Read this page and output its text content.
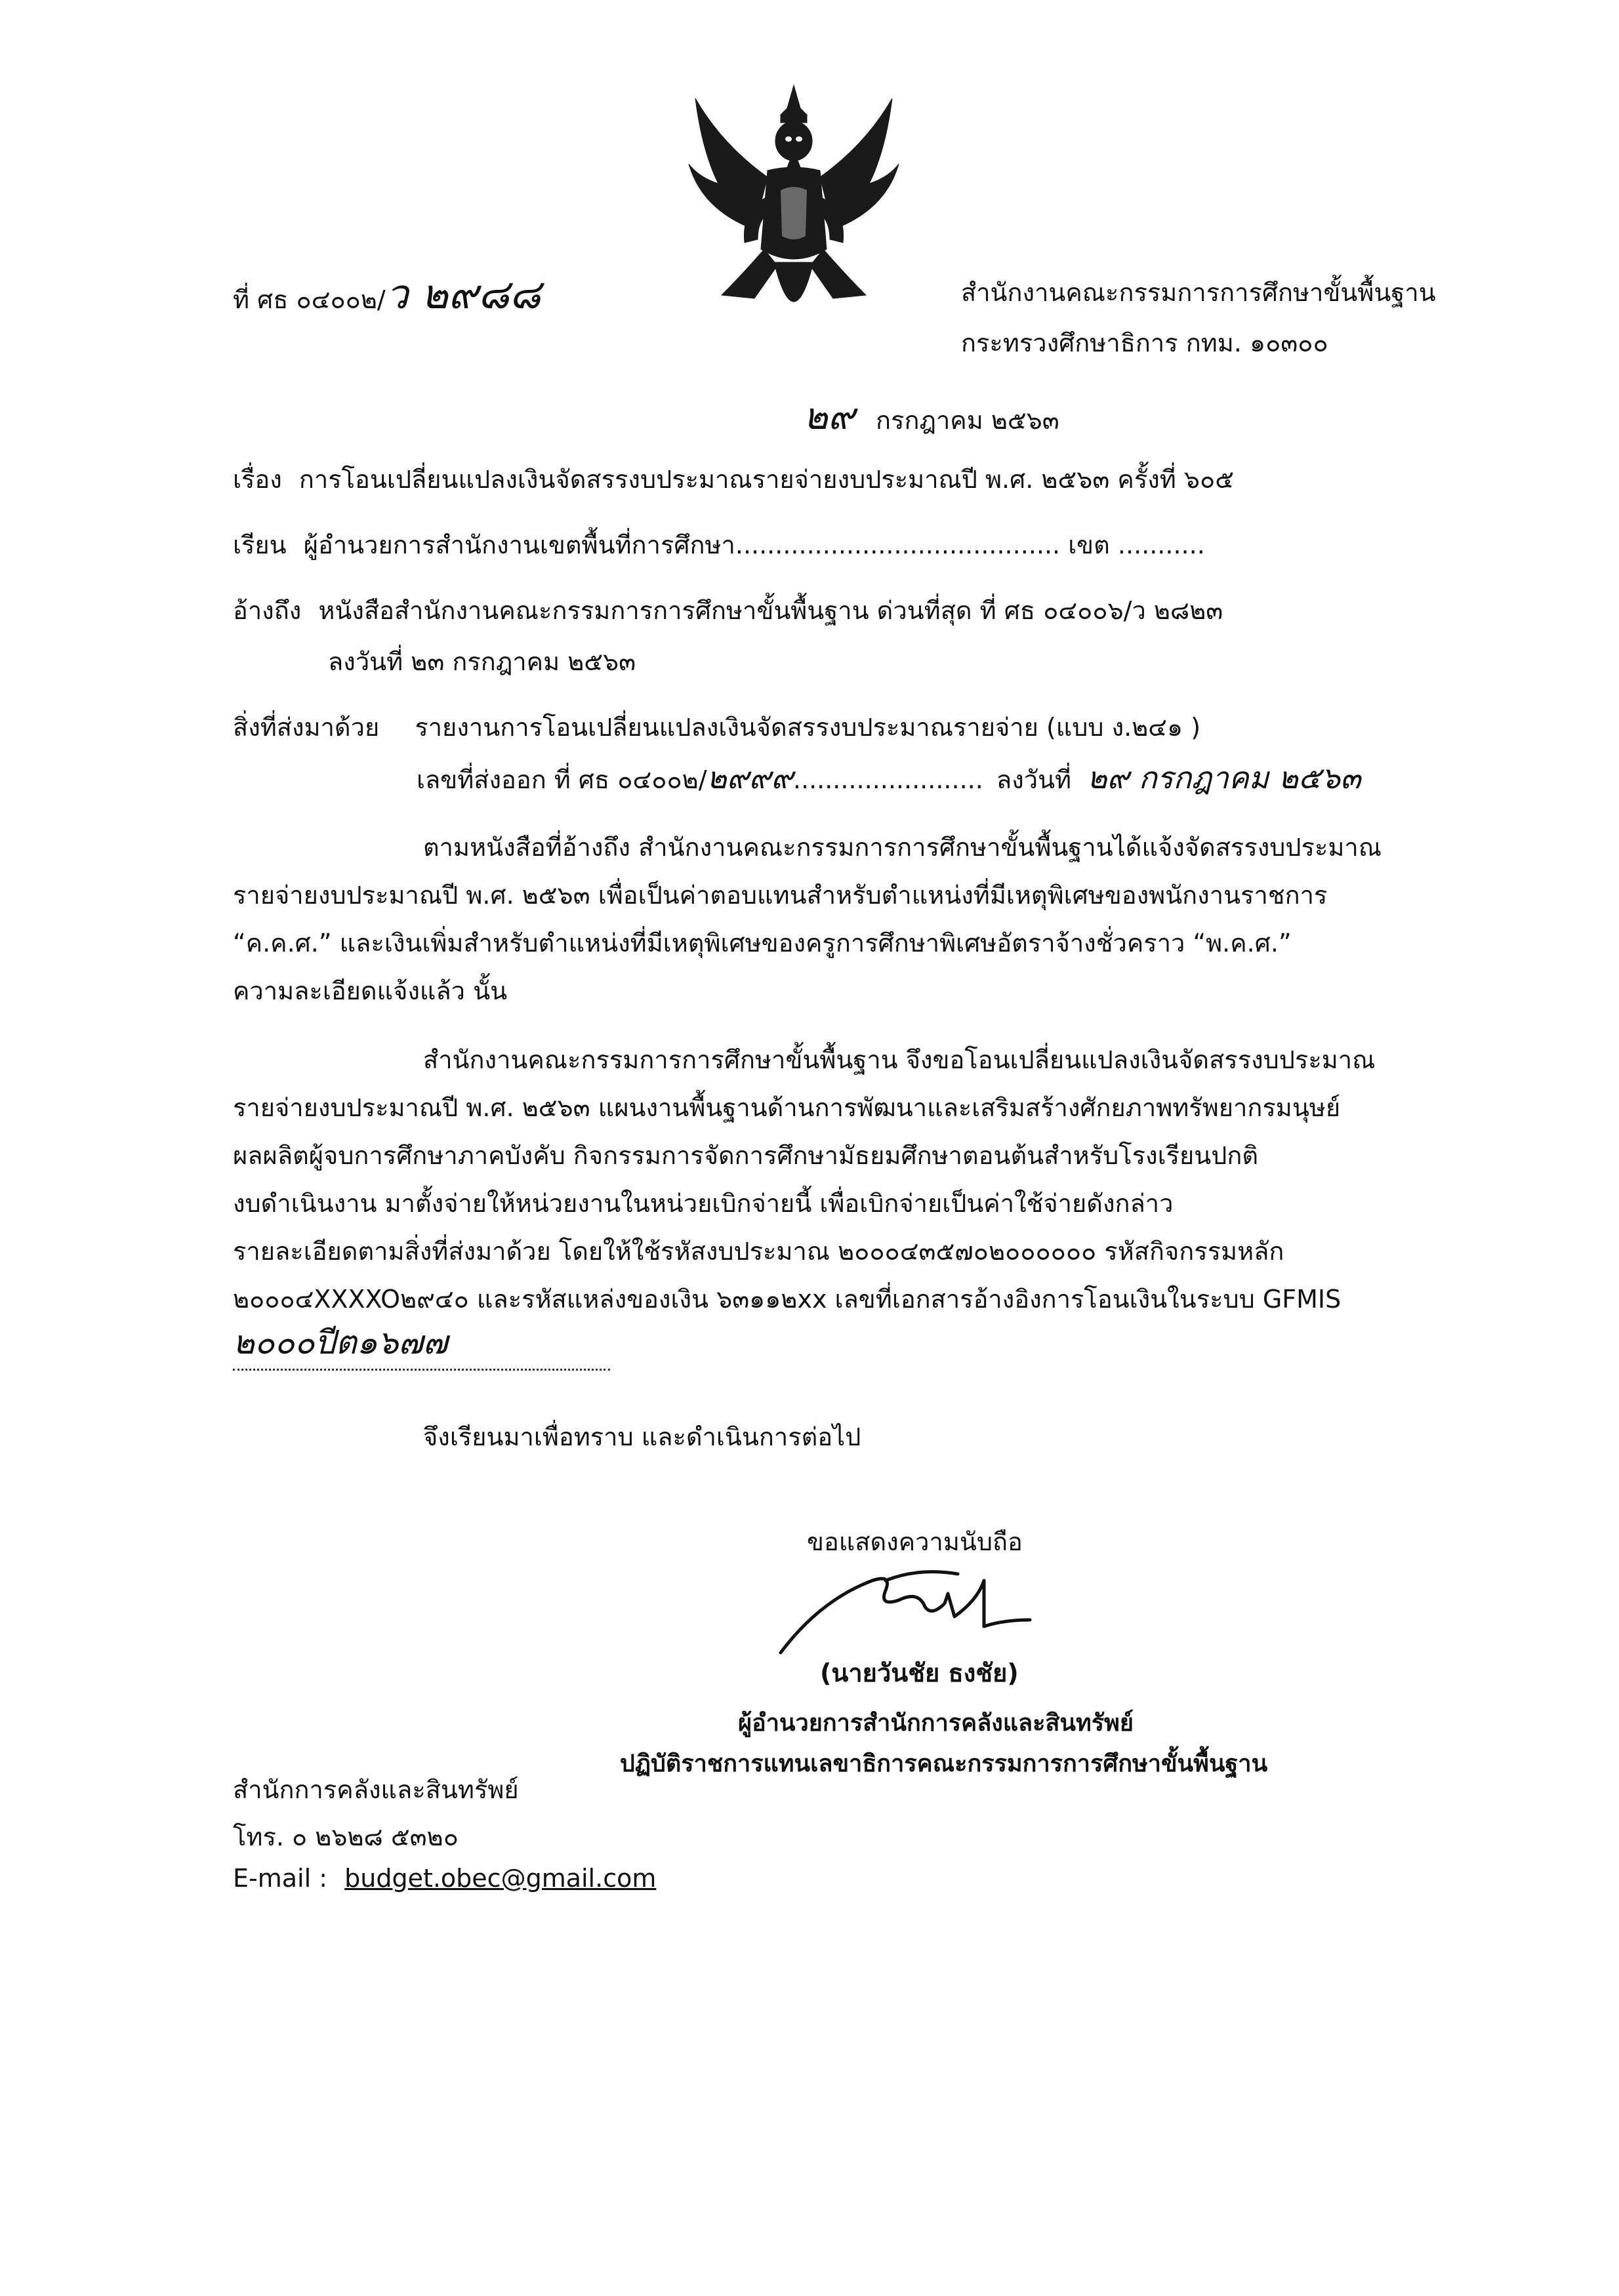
ที่ ศธ ๐๔๐๐๒/ว ๒๙๘๘	สำนักงานคณะกรรมการการศึกษาขั้นพื้นฐาน
กระทรวงศึกษาธิการ กทม. ๑๐๓๐๐
๒๙ กรกฎาคม ๒๕๖๓
เรื่อง การโอนเปลี่ยนแปลงเงินจัดสรรงบประมาณรายจ่ายงบประมาณปี พ.ศ. ๒๕๖๓ ครั้งที่ ๖๐๕
เรียน ผู้อำนวยการสำนักงานเขตพื้นที่การศึกษา......................................... เขต ...........
อ้างถึง หนังสือสำนักงานคณะกรรมการการศึกษาขั้นพื้นฐาน ด่วนที่สุด ที่ ศธ ๐๔๐๐๖/ว ๒๘๒๓
ลงวันที่ ๒๓ กรกฎาคม ๒๕๖๓
สิ่งที่ส่งมาด้วย รายงานการโอนเปลี่ยนแปลงเงินจัดสรรงบประมาณรายจ่าย (แบบ ง.๒๔๑ )
เลขที่ส่งออก ที่ ศธ ๐๔๐๐๒/๒๙๙๙........................ ลงวันที่ ๒๙ กรกฎาคม ๒๕๖๓
ตามหนังสือที่อ้างถึง สำนักงานคณะกรรมการการศึกษาขั้นพื้นฐานได้แจ้งจัดสรรงบประมาณ
รายจ่ายงบประมาณปี พ.ศ. ๒๕๖๓ เพื่อเป็นค่าตอบแทนสำหรับตำแหน่งที่มีเหตุพิเศษของพนักงานราชการ
“ค.ค.ศ.” และเงินเพิ่มสำหรับตำแหน่งที่มีเหตุพิเศษของครูการศึกษาพิเศษอัตราจ้างชั่วคราว “พ.ค.ศ.”
ความละเอียดแจ้งแล้ว นั้น
สำนักงานคณะกรรมการการศึกษาขั้นพื้นฐาน จึงขอโอนเปลี่ยนแปลงเงินจัดสรรงบประมาณ
รายจ่ายงบประมาณปี พ.ศ. ๒๕๖๓ แผนงานพื้นฐานด้านการพัฒนาและเสริมสร้างศักยภาพทรัพยากรมนุษย์
ผลผลิตผู้จบการศึกษาภาคบังคับ กิจกรรมการจัดการศึกษามัธยมศึกษาตอนต้นสำหรับโรงเรียนปกติ
งบดำเนินงาน มาตั้งจ่ายให้หน่วยงานในหน่วยเบิกจ่ายนี้ เพื่อเบิกจ่ายเป็นค่าใช้จ่ายดังกล่าว
รายละเอียดตามสิ่งที่ส่งมาด้วย โดยให้ใช้รหัสงบประมาณ ๒๐๐๐๔๓๕๗๐๒๐๐๐๐๐๐ รหัสกิจกรรมหลัก
๒๐๐๐๔XXXXO๒๙๔๐ และรหัสแหล่งของเงิน ๖๓๑๑๒xx เลขที่เอกสารอ้างอิงการโอนเงินในระบบ GFMIS
๒๐๐๐ปีต๑๖๗๗
จึงเรียนมาเพื่อทราบ และดำเนินการต่อไป
ขอแสดงความนับถือ
(นายวันชัย ธงชัย)
ผู้อำนวยการสำนักการคลังและสินทรัพย์
ปฏิบัติราชการแทนเลขาธิการคณะกรรมการการศึกษาขั้นพื้นฐาน
สำนักการคลังและสินทรัพย์
โทร. ๐ ๒๖๒๘ ๕๓๒๐
E-mail : budget.obec@gmail.com
